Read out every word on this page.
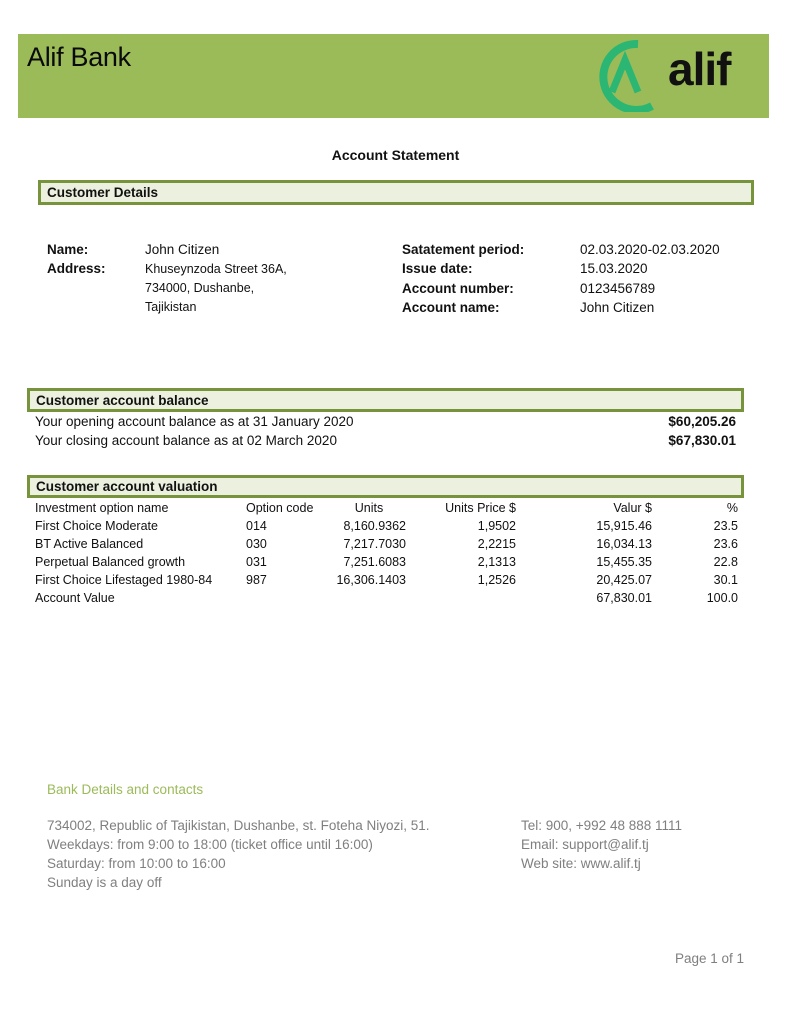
Alif Bank	alif
Account Statement
Customer Details
Name:	John Citizen
Address:	Khuseynzoda Street 36A,
734000, Dushanbe,
Tajikistan
Satatement period:	02.03.2020-02.03.2020
Issue date:	15.03.2020
Account number:	0123456789
Account name:	John Citizen
Customer account balance
Your opening account balance as at 31 January 2020	$60,205.26
Your closing account balance as at 02 March 2020	$67,830.01
Customer account valuation
Investment option name	Option code	Units	Units Price $	Valur $	%
First Choice Moderate	014	8,160.9362	1,9502	15,915.46	23.5
BT Active Balanced	030	7,217.7030	2,2215	16,034.13	23.6
Perpetual Balanced growth	031	7,251.6083	2,1313	15,455.35	22.8
First Choice Lifestaged 1980-84	987	16,306.1403	1,2526	20,425.07	30.1
Account Value				67,830.01	100.0
Bank Details and contacts
734002, Republic of Tajikistan, Dushanbe, st. Foteha Niyozi, 51.
Weekdays: from 9:00 to 18:00 (ticket office until 16:00)
Saturday: from 10:00 to 16:00
Sunday is a day off
Tel: 900, +992 48 888 1111
Email: support@alif.tj
Web site: www.alif.tj
Page 1 of 1
